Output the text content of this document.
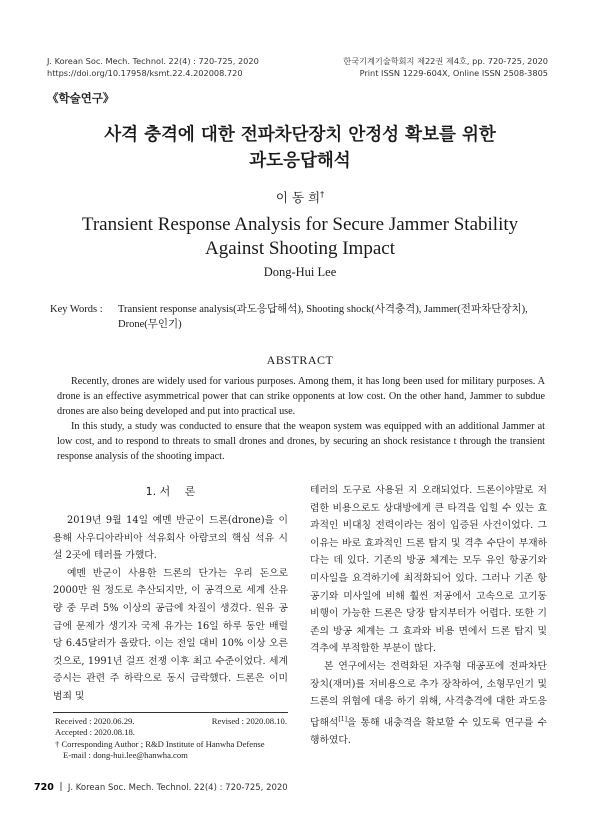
J. Korean Soc. Mech. Technol. 22(4) : 720-725, 2020
https://doi.org/10.17958/ksmt.22.4.202008.720
한국기계기술학회지 제22권 제4호, pp. 720-725, 2020
Print ISSN 1229-604X, Online ISSN 2508-3805
《학술연구》
사격 충격에 대한 전파차단장치 안정성 확보를 위한
과도응답해석
이 동 희†
Transient Response Analysis for Secure Jammer Stability
Against Shooting Impact
Dong-Hui Lee
Key Words : Transient response analysis(과도응답해석), Shooting shock(사격충격), Jammer(전파차단장치), Drone(무인기)
ABSTRACT

Recently, drones are widely used for various purposes. Among them, it has long been used for military purposes. A drone is an effective asymmetrical power that can strike opponents at low cost. On the other hand, Jammer to subdue drones are also being developed and put into practical use.

In this study, a study was conducted to ensure that the weapon system was equipped with an additional Jammer at low cost, and to respond to threats to small drones and drones, by securing an shock resistance t through the transient response analysis of the shooting impact.

1. 서　 론

2019년 9월 14일 예멘 반군이 드론(drone)을 이용해 사우디아라비아 석유회사 아람코의 핵심 석유 시설 2곳에 테러를 가했다.

예멘 반군이 사용한 드론의 단가는 우리 돈으로 2000만 원 정도로 추산되지만, 이 공격으로 세계 산유량 중 무려 5% 이상의 공급에 차질이 생겼다. 원유 공급에 문제가 생기자 국제 유가는 16일 하루 동안 배럴 당 6.45달러가 올랐다. 이는 전일 대비 10% 이상 오른 것으로, 1991년 걸프 전쟁 이후 최고 수준이었다. 세계 증시는 관련 주 하락으로 동시 급락했다. 드론은 이미 범죄 및

테러의 도구로 사용된 지 오래되었다. 드론이야말로 저렴한 비용으로도 상대방에게 큰 타격을 입힐 수 있는 효과적인 비대칭 전력이라는 점이 입증된 사건이었다. 그 이유는 바로 효과적인 드론 탐지 및 격추 수단이 부재하다는 데 있다. 기존의 방공 체계는 모두 유인 항공기와 미사일을 요격하기에 최적화되어 있다. 그러나 기존 항공기와 미사일에 비해 훨씬 저공에서 고속으로 고기동 비행이 가능한 드론은 당장 탐지부터가 어렵다. 또한 기존의 방공 체계는 그 효과와 비용 면에서 드론 탐지 및 격추에 부적합한 부분이 많다.

본 연구에서는 전력화된 자주형 대공포에 전파차단장치(재머)를 저비용으로 추가 장착하여, 소형무인기 및 드론의 위협에 대응 하기 위해, 사격충격에 대한 과도응답해석[1]을 통해 내충격을 확보할 수 있도록 연구를 수행하였다.

Received : 2020.06.29.	Revised : 2020.08.10.
Accepted : 2020.08.18.
† Corresponding Author ; R&D Institute of Hanwha Defense
E-mail : dong-hui.lee@hanwha.com
720 J. Korean Soc. Mech. Technol. 22(4) : 720-725, 2020
